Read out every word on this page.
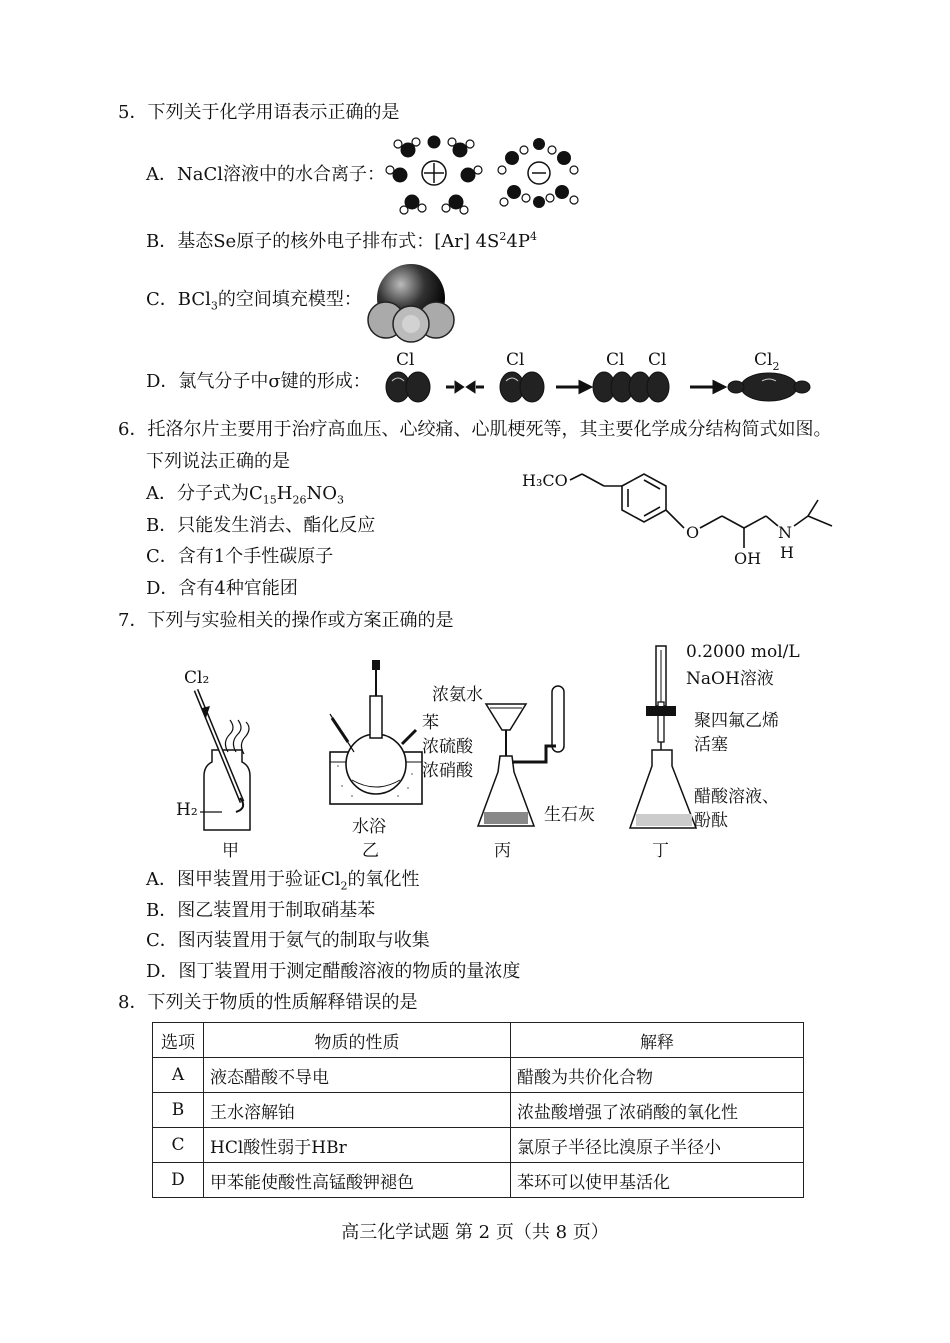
5．下列关于化学用语表示正确的是
A．NaCl溶液中的水合离子：
B．基态Se原子的核外电子排布式：[Ar] $4S^24P^4$
C．BCl$_3$的空间填充模型：
D．氯气分子中σ键的形成：
Cl	Cl	Cl Cl	$Cl_2$
6．托洛尔片主要用于治疗高血压、心绞痛、心肌梗死等，其主要化学成分结构简式如图。
下列说法正确的是
A．分子式为$C_{15}H_{26}NO_3$
B．只能发生消去、酯化反应
C．含有1个手性碳原子
D．含有4种官能团
H₃CO
O
OH
N
H
7．下列与实验相关的操作或方案正确的是
Cl₂
H₂
甲
苯
浓硫酸
浓硝酸
水浴
乙
浓氨水
生石灰
丙
0.2000 mol/L
NaOH溶液
聚四氟乙烯
活塞
醋酸溶液、
酚酞
丁
A．图甲装置用于验证$Cl_2$的氧化性
B．图乙装置用于制取硝基苯
C．图丙装置用于氨气的制取与收集
D．图丁装置用于测定醋酸溶液的物质的量浓度
8．下列关于物质的性质解释错误的是
选项	物质的性质	解释
A	液态醋酸不导电	醋酸为共价化合物
B	王水溶解铂	浓盐酸增强了浓硝酸的氧化性
C	HCl酸性弱于HBr	氯原子半径比溴原子半径小
D	甲苯能使酸性高锰酸钾褪色	苯环可以使甲基活化
高三化学试题 第 2 页（共 8 页）
